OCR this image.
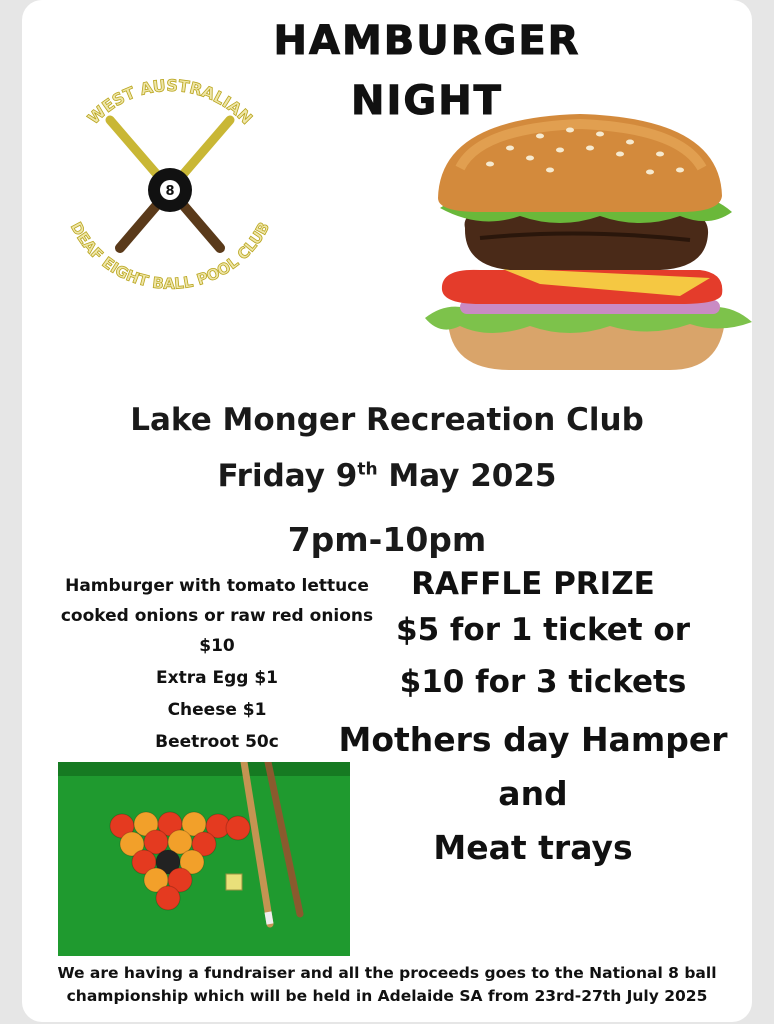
HAMBURGER
NIGHT
WEST AUSTRALIAN
8
DEAF EIGHT BALL POOL CLUB
Lake Monger Recreation Club
Friday 9th May 2025
7pm-10pm
Hamburger with tomato lettuce
cooked onions or raw red onions
$10
Extra Egg $1
Cheese $1
Beetroot 50c
RAFFLE PRIZE
$5 for 1 ticket or
$10 for 3 tickets
Mothers day Hamper
and
Meat trays
We are having a fundraiser and all the proceeds goes to the National 8 ball
championship which will be held in Adelaide SA from 23rd-27th July 2025
